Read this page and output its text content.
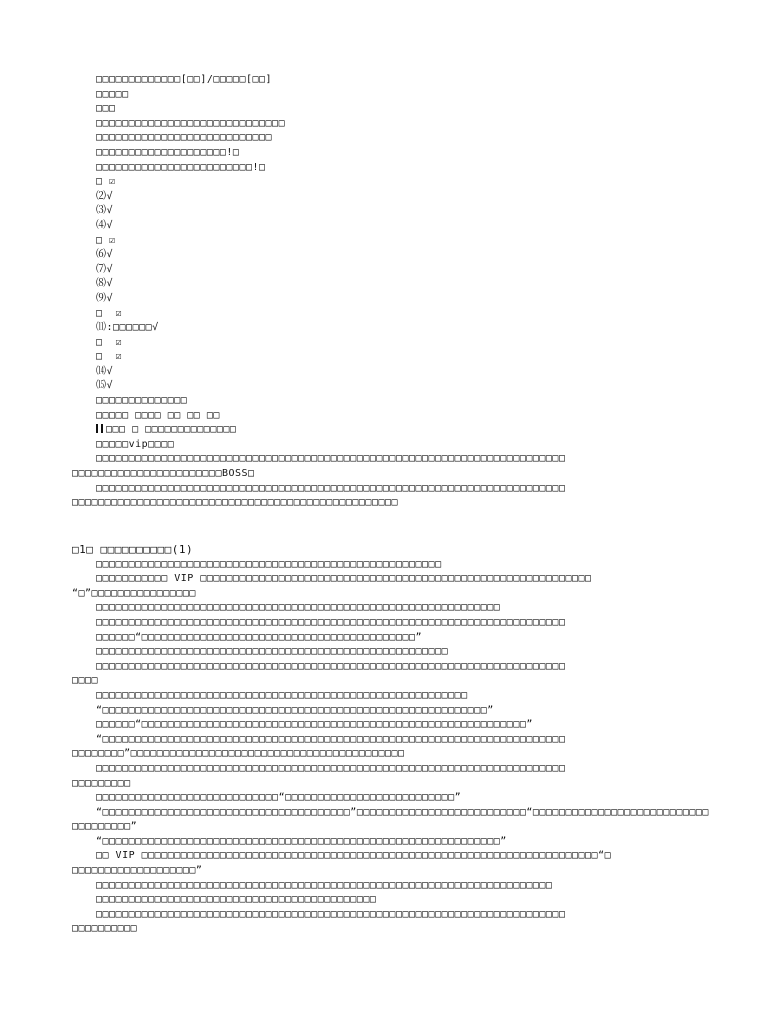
□□□□□□□□□□□□□[□□]/□□□□□[□□]
□□□□□
□□□
□□□□□□□□□□□□□□□□□□□□□□□□□□□□□
□□□□□□□□□□□□□□□□□□□□□□□□□□□
□□□□□□□□□□□□□□□□□□□□!□
□□□□□□□□□□□□□□□□□□□□□□□□!□
□ ☑
⑵√
⑶√
⑷√
□ ☑
⑹√
⑺√
⑻√
⑼√
□  ☑
⑾:□□□□□□√
□  ☑
□  ☑
⒁√
⒂√
□□□□□□□□□□□□□□
□□□□□ □□□□ □□ □□ □□
□□□ □ □□□□□□□□□□□□□□
□□□□□vip□□□□
□□□□□□□□□□□□□□□□□□□□□□□□□□□□□□□□□□□□□□□□□□□□□□□□□□□□□□□□□□□□□□□□□□□□□□□□
□□□□□□□□□□□□□□□□□□□□□□□BOSS□
□□□□□□□□□□□□□□□□□□□□□□□□□□□□□□□□□□□□□□□□□□□□□□□□□□□□□□□□□□□□□□□□□□□□□□□□
□□□□□□□□□□□□□□□□□□□□□□□□□□□□□□□□□□□□□□□□□□□□□□□□□□
□1□ □□□□□□□□□□(1)
□□□□□□□□□□□□□□□□□□□□□□□□□□□□□□□□□□□□□□□□□□□□□□□□□□□□□
□□□□□□□□□□□ VIP □□□□□□□□□□□□□□□□□□□□□□□□□□□□□□□□□□□□□□□□□□□□□□□□□□□□□□□□□□□□
“□”□□□□□□□□□□□□□□□□
□□□□□□□□□□□□□□□□□□□□□□□□□□□□□□□□□□□□□□□□□□□□□□□□□□□□□□□□□□□□□□
□□□□□□□□□□□□□□□□□□□□□□□□□□□□□□□□□□□□□□□□□□□□□□□□□□□□□□□□□□□□□□□□□□□□□□□□
□□□□□□“□□□□□□□□□□□□□□□□□□□□□□□□□□□□□□□□□□□□□□□□□□”
□□□□□□□□□□□□□□□□□□□□□□□□□□□□□□□□□□□□□□□□□□□□□□□□□□□□□□
□□□□□□□□□□□□□□□□□□□□□□□□□□□□□□□□□□□□□□□□□□□□□□□□□□□□□□□□□□□□□□□□□□□□□□□□
□□□□
□□□□□□□□□□□□□□□□□□□□□□□□□□□□□□□□□□□□□□□□□□□□□□□□□□□□□□□□□
“□□□□□□□□□□□□□□□□□□□□□□□□□□□□□□□□□□□□□□□□□□□□□□□□□□□□□□□□□□□”
□□□□□□“□□□□□□□□□□□□□□□□□□□□□□□□□□□□□□□□□□□□□□□□□□□□□□□□□□□□□□□□□□□”
“□□□□□□□□□□□□□□□□□□□□□□□□□□□□□□□□□□□□□□□□□□□□□□□□□□□□□□□□□□□□□□□□□□□□□□□
□□□□□□□□”□□□□□□□□□□□□□□□□□□□□□□□□□□□□□□□□□□□□□□□□□□
□□□□□□□□□□□□□□□□□□□□□□□□□□□□□□□□□□□□□□□□□□□□□□□□□□□□□□□□□□□□□□□□□□□□□□□□
□□□□□□□□□
□□□□□□□□□□□□□□□□□□□□□□□□□□□□“□□□□□□□□□□□□□□□□□□□□□□□□□□”
“□□□□□□□□□□□□□□□□□□□□□□□□□□□□□□□□□□□□□□”□□□□□□□□□□□□□□□□□□□□□□□□□□“□□□□□□□□□□□□□□□□□□□□□□□□□□□
□□□□□□□□□”
“□□□□□□□□□□□□□□□□□□□□□□□□□□□□□□□□□□□□□□□□□□□□□□□□□□□□□□□□□□□□□”
□□ VIP □□□□□□□□□□□□□□□□□□□□□□□□□□□□□□□□□□□□□□□□□□□□□□□□□□□□□□□□□□□□□□□□□□□□□□“□
□□□□□□□□□□□□□□□□□□□”
□□□□□□□□□□□□□□□□□□□□□□□□□□□□□□□□□□□□□□□□□□□□□□□□□□□□□□□□□□□□□□□□□□□□□□
□□□□□□□□□□□□□□□□□□□□□□□□□□□□□□□□□□□□□□□□□□□
□□□□□□□□□□□□□□□□□□□□□□□□□□□□□□□□□□□□□□□□□□□□□□□□□□□□□□□□□□□□□□□□□□□□□□□□
□□□□□□□□□□
